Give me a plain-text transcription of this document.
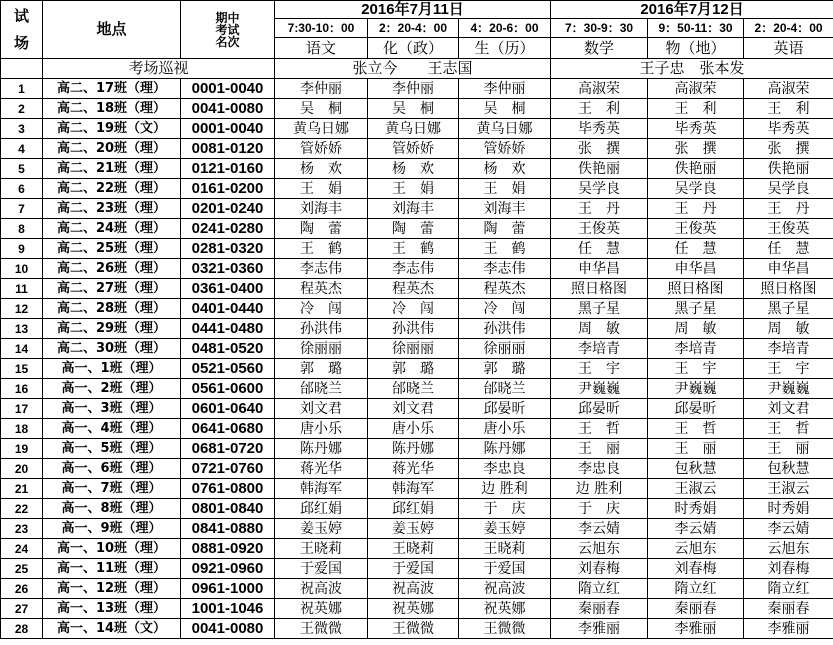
试
场	地点	期中
考试
名次	2016年7月11日			2016年7月12日		
			7:30-10：00	2：20-4：00	4：20-6：00	7：30-9：30	9：50-11：30	2：20-4：00
			语文	化（政）	生（历）	数学	物（地）	英语
	考场巡视		张立今　　王志国			王子忠　张本发		
1	高二、17班（理）	0001-0040	李仲丽	李仲丽	李仲丽	高淑荣	高淑荣	高淑荣
2	高二、18班（理）	0041-0080	吴　桐	吴　桐	吴　桐	王　利	王　利	王　利
3	高二、19班（文）	0001-0040	黄乌日娜	黄乌日娜	黄乌日娜	毕秀英	毕秀英	毕秀英
4	高二、20班（理）	0081-0120	管娇娇	管娇娇	管娇娇	张　撰	张　撰	张　撰
5	高二、21班（理）	0121-0160	杨　欢	杨　欢	杨　欢	佚艳丽	佚艳丽	佚艳丽
6	高二、22班（理）	0161-0200	王　娟	王　娟	王　娟	吴学良	吴学良	吴学良
7	高二、23班（理）	0201-0240	刘海丰	刘海丰	刘海丰	王　丹	王　丹	王　丹
8	高二、24班（理）	0241-0280	陶　蕾	陶　蕾	陶　蕾	王俊英	王俊英	王俊英
9	高二、25班（理）	0281-0320	王　鹤	王　鹤	王　鹤	任　慧	任　慧	任　慧
10	高二、26班（理）	0321-0360	李志伟	李志伟	李志伟	申华昌	申华昌	申华昌
11	高二、27班（理）	0361-0400	程英杰	程英杰	程英杰	照日格图	照日格图	照日格图
12	高二、28班（理）	0401-0440	冷　闯	冷　闯	冷　闯	黑子星	黑子星	黑子星
13	高二、29班（理）	0441-0480	孙洪伟	孙洪伟	孙洪伟	周　敏	周　敏	周　敏
14	高二、30班（理）	0481-0520	徐丽丽	徐丽丽	徐丽丽	李培青	李培青	李培青
15	高一、1班（理）	0521-0560	郭　璐	郭　璐	郭　璐	王　宇	王　宇	王　宇
16	高一、2班（理）	0561-0600	邰晓兰	邰晓兰	邰晓兰	尹巍巍	尹巍巍	尹巍巍
17	高一、3班（理）	0601-0640	刘文君	刘文君	邱晏昕	邱晏昕	邱晏昕	刘文君
18	高一、4班（理）	0641-0680	唐小乐	唐小乐	唐小乐	王　哲	王　哲	王　哲
19	高一、5班（理）	0681-0720	陈丹娜	陈丹娜	陈丹娜	王　丽	王　丽	王　丽
20	高一、6班（理）	0721-0760	蒋光华	蒋光华	李忠良	李忠良	包秋慧	包秋慧
21	高一、7班（理）	0761-0800	韩海军	韩海军	边 胜利	边 胜利	王淑云	王淑云
22	高一、8班（理）	0801-0840	邱红娟	邱红娟	于　庆	于　庆	时秀娟	时秀娟
23	高一、9班（理）	0841-0880	姜玉婷	姜玉婷	姜玉婷	李云婧	李云婧	李云婧
24	高一、10班（理）	0881-0920	王晓莉	王晓莉	王晓莉	云旭东	云旭东	云旭东
25	高一、11班（理）	0921-0960	于爱国	于爱国	于爱国	刘春梅	刘春梅	刘春梅
26	高一、12班（理）	0961-1000	祝高波	祝高波	祝高波	隋立红	隋立红	隋立红
27	高一、13班（理）	1001-1046	祝英娜	祝英娜	祝英娜	秦丽春	秦丽春	秦丽春
28	高一、14班（文）	0041-0080	王微微	王微微	王微微	李雅丽	李雅丽	李雅丽
